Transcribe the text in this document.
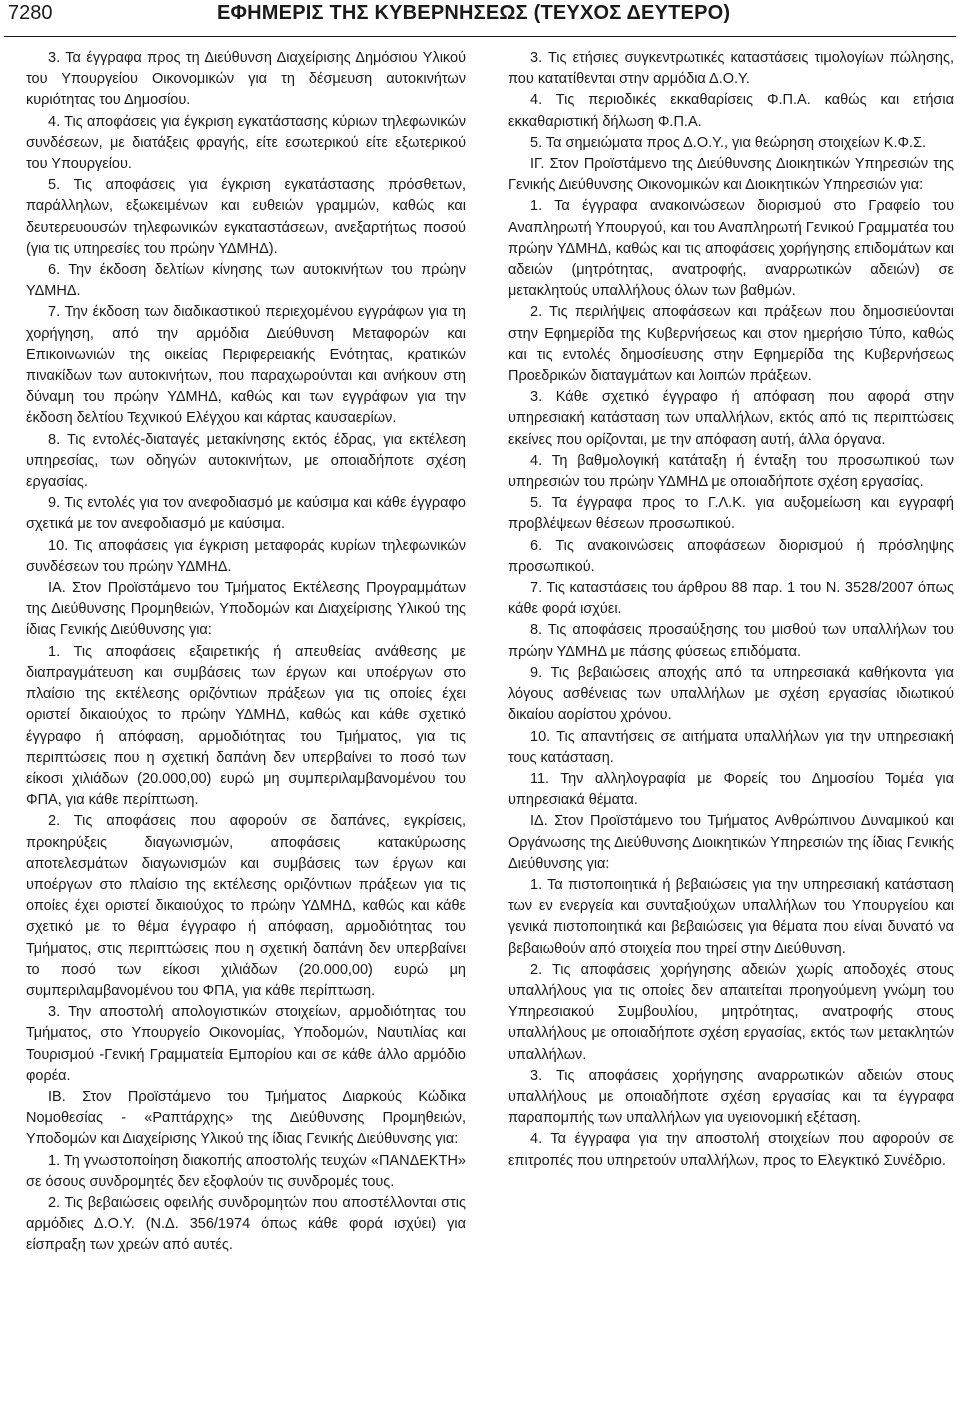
7280	ΕΦΗΜΕΡΙΣ ΤΗΣ ΚΥΒΕΡΝΗΣΕΩΣ (ΤΕΥΧΟΣ ΔΕΥΤΕΡΟ)

3. Τα έγγραφα προς τη Διεύθυνση Διαχείρισης Δημόσιου Υλικού του Υπουργείου Οικονομικών για τη δέσμευση αυτοκινήτων κυριότητας του Δημοσίου.

4. Τις αποφάσεις για έγκριση εγκατάστασης κύριων τηλεφωνικών συνδέσεων, με διατάξεις φραγής, είτε εσωτερικού είτε εξωτερικού του Υπουργείου.

5. Τις αποφάσεις για έγκριση εγκατάστασης πρόσθετων, παράλληλων, εξωκειμένων και ευθειών γραμμών, καθώς και δευτερευουσών τηλεφωνικών εγκαταστάσεων, ανεξαρτήτως ποσού (για τις υπηρεσίες του πρώην ΥΔΜΗΔ).

6. Την έκδοση δελτίων κίνησης των αυτοκινήτων του πρώην ΥΔΜΗΔ.

7. Την έκδοση των διαδικαστικού περιεχομένου εγγράφων για τη χορήγηση, από την αρμόδια Διεύθυνση Μεταφορών και Επικοινωνιών της οικείας Περιφερειακής Ενότητας, κρατικών πινακίδων των αυτοκινήτων, που παραχωρούνται και ανήκουν στη δύναμη του πρώην ΥΔΜΗΔ, καθώς και των εγγράφων για την έκδοση δελτίου Τεχνικού Ελέγχου και κάρτας καυσαερίων.

8. Τις εντολές-διαταγές μετακίνησης εκτός έδρας, για εκτέλεση υπηρεσίας, των οδηγών αυτοκινήτων, με οποιαδήποτε σχέση εργασίας.

9. Τις εντολές για τον ανεφοδιασμό με καύσιμα και κάθε έγγραφο σχετικά με τον ανεφοδιασμό με καύσιμα.

10. Τις αποφάσεις για έγκριση μεταφοράς κυρίων τηλεφωνικών συνδέσεων του πρώην ΥΔΜΗΔ.

ΙΑ. Στον Προϊστάμενο του Τμήματος Εκτέλεσης Προγραμμάτων της Διεύθυνσης Προμηθειών, Υποδομών και Διαχείρισης Υλικού της ίδιας Γενικής Διεύθυνσης για:

1. Τις αποφάσεις εξαιρετικής ή απευθείας ανάθεσης με διαπραγμάτευση και συμβάσεις των έργων και υποέργων στο πλαίσιο της εκτέλεσης οριζόντιων πράξεων για τις οποίες έχει οριστεί δικαιούχος το πρώην ΥΔΜΗΔ, καθώς και κάθε σχετικό έγγραφο ή απόφαση, αρμοδιότητας του Τμήματος, για τις περιπτώσεις που η σχετική δαπάνη δεν υπερβαίνει το ποσό των είκοσι χιλιάδων (20.000,00) ευρώ μη συμπεριλαμβανομένου του ΦΠΑ, για κάθε περίπτωση.

2. Τις αποφάσεις που αφορούν σε δαπάνες, εγκρίσεις, προκηρύξεις διαγωνισμών, αποφάσεις κατακύρωσης αποτελεσμάτων διαγωνισμών και συμβάσεις των έργων και υποέργων στο πλαίσιο της εκτέλεσης οριζόντιων πράξεων για τις οποίες έχει οριστεί δικαιούχος το πρώην ΥΔΜΗΔ, καθώς και κάθε σχετικό με το θέμα έγγραφο ή απόφαση, αρμοδιότητας του Τμήματος, στις περιπτώσεις που η σχετική δαπάνη δεν υπερβαίνει το ποσό των είκοσι χιλιάδων (20.000,00) ευρώ μη συμπεριλαμβανομένου του ΦΠΑ, για κάθε περίπτωση.

3. Την αποστολή απολογιστικών στοιχείων, αρμοδιότητας του Τμήματος, στο Υπουργείο Οικονομίας, Υποδομών, Ναυτιλίας και Τουρισμού -Γενική Γραμματεία Εμπορίου και σε κάθε άλλο αρμόδιο φορέα.

ΙΒ. Στον Προϊστάμενο του Τμήματος Διαρκούς Κώδικα Νομοθεσίας - «Ραπτάρχης» της Διεύθυνσης Προμηθειών, Υποδομών και Διαχείρισης Υλικού της ίδιας Γενικής Διεύθυνσης για:

1. Τη γνωστοποίηση διακοπής αποστολής τευχών «ΠΑΝΔΕΚΤΗ» σε όσους συνδρομητές δεν εξοφλούν τις συνδρομές τους.

2. Τις βεβαιώσεις οφειλής συνδρομητών που αποστέλλονται στις αρμόδιες Δ.Ο.Υ. (Ν.Δ. 356/1974 όπως κάθε φορά ισχύει) για είσπραξη των χρεών από αυτές.

3. Τις ετήσιες συγκεντρωτικές καταστάσεις τιμολογίων πώλησης, που κατατίθενται στην αρμόδια Δ.Ο.Υ.

4. Τις περιοδικές εκκαθαρίσεις Φ.Π.Α. καθώς και ετήσια εκκαθαριστική δήλωση Φ.Π.Α.

5. Τα σημειώματα προς Δ.Ο.Υ., για θεώρηση στοιχείων Κ.Φ.Σ.

ΙΓ. Στον Προϊστάμενο της Διεύθυνσης Διοικητικών Υπηρεσιών της Γενικής Διεύθυνσης Οικονομικών και Διοικητικών Υπηρεσιών για:

1. Τα έγγραφα ανακοινώσεων διορισμού στο Γραφείο του Αναπληρωτή Υπουργού, και του Αναπληρωτή Γενικού Γραμματέα του πρώην ΥΔΜΗΔ, καθώς και τις αποφάσεις χορήγησης επιδομάτων και αδειών (μητρότητας, ανατροφής, αναρρωτικών αδειών) σε μετακλητούς υπαλλήλους όλων των βαθμών.

2. Τις περιλήψεις αποφάσεων και πράξεων που δημοσιεύονται στην Εφημερίδα της Κυβερνήσεως και στον ημερήσιο Τύπο, καθώς και τις εντολές δημοσίευσης στην Εφημερίδα της Κυβερνήσεως Προεδρικών διαταγμάτων και λοιπών πράξεων.

3. Κάθε σχετικό έγγραφο ή απόφαση που αφορά στην υπηρεσιακή κατάσταση των υπαλλήλων, εκτός από τις περιπτώσεις εκείνες που ορίζονται, με την απόφαση αυτή, άλλα όργανα.

4. Τη βαθμολογική κατάταξη ή ένταξη του προσωπικού των υπηρεσιών του πρώην ΥΔΜΗΔ με οποιαδήποτε σχέση εργασίας.

5. Τα έγγραφα προς το Γ.Λ.Κ. για αυξομείωση και εγγραφή προβλέψεων θέσεων προσωπικού.

6. Τις ανακοινώσεις αποφάσεων διορισμού ή πρόσληψης προσωπικού.

7. Τις καταστάσεις του άρθρου 88 παρ. 1 του Ν. 3528/2007 όπως κάθε φορά ισχύει.

8. Τις αποφάσεις προσαύξησης του μισθού των υπαλλήλων του πρώην ΥΔΜΗΔ με πάσης φύσεως επιδόματα.

9. Τις βεβαιώσεις αποχής από τα υπηρεσιακά καθήκοντα για λόγους ασθένειας των υπαλλήλων με σχέση εργασίας ιδιωτικού δικαίου αορίστου χρόνου.

10. Τις απαντήσεις σε αιτήματα υπαλλήλων για την υπηρεσιακή τους κατάσταση.

11. Την αλληλογραφία με Φορείς του Δημοσίου Τομέα για υπηρεσιακά θέματα.

ΙΔ. Στον Προϊστάμενο του Τμήματος Ανθρώπινου Δυναμικού και Οργάνωσης της Διεύθυνσης Διοικητικών Υπηρεσιών της ίδιας Γενικής Διεύθυνσης για:

1. Τα πιστοποιητικά ή βεβαιώσεις για την υπηρεσιακή κατάσταση των εν ενεργεία και συνταξιούχων υπαλλήλων του Υπουργείου και γενικά πιστοποιητικά και βεβαιώσεις για θέματα που είναι δυνατό να βεβαιωθούν από στοιχεία που τηρεί στην Διεύθυνση.

2. Τις αποφάσεις χορήγησης αδειών χωρίς αποδοχές στους υπαλλήλους για τις οποίες δεν απαιτείται προηγούμενη γνώμη του Υπηρεσιακού Συμβουλίου, μητρότητας, ανατροφής στους υπαλλήλους με οποιαδήποτε σχέση εργασίας, εκτός των μετακλητών υπαλλήλων.

3. Τις αποφάσεις χορήγησης αναρρωτικών αδειών στους υπαλλήλους με οποιαδήποτε σχέση εργασίας και τα έγγραφα παραπομπής των υπαλλήλων για υγειονομική εξέταση.

4. Τα έγγραφα για την αποστολή στοιχείων που αφορούν σε επιτροπές που υπηρετούν υπαλλήλων, προς το Ελεγκτικό Συνέδριο.
